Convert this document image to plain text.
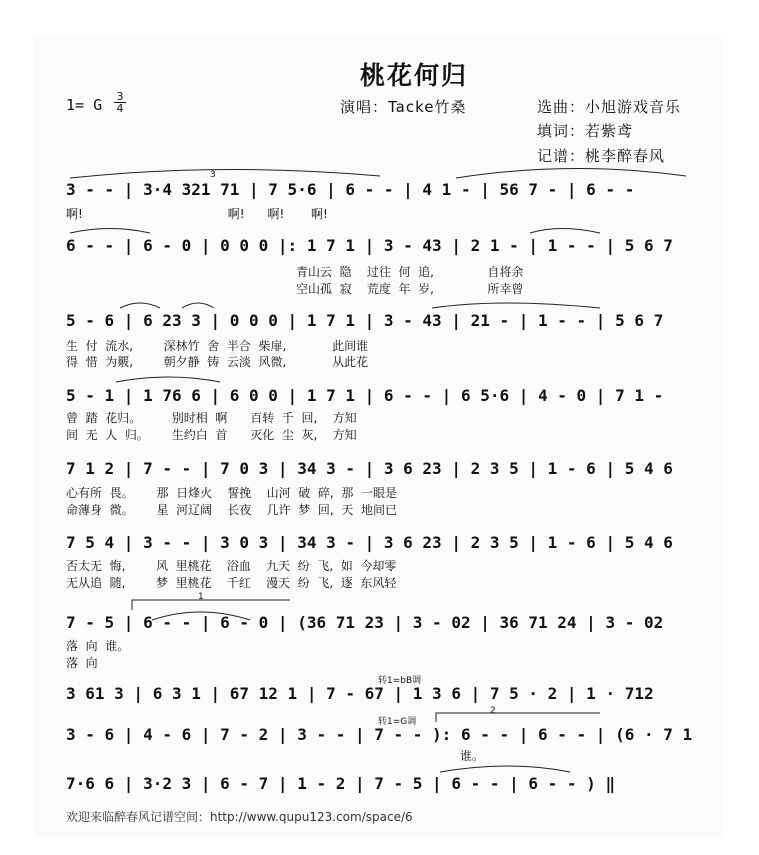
桃花何归
1= G 3
4	演唱：Tacke竹桑	选曲：小旭游戏音乐
填词：若紫鸢
记谱：桃李醉春风
3 - - | 3·4 321 71 | 7 5·6 | 6 - - | 4 1 - | 56 7 - | 6 - -
啊!                                      啊!      啊!       啊!
6 - - | 6 - 0 | 0 0 0 |: 1 7 1 | 3 - 43 | 2 1 - | 1 - - | 5 6 7
青山云  隐    过往  何  追,              自将余
空山孤  寂    荒度  年  岁,              所幸曾
5 - 6 | 6 23 3 | 0 0 0 | 1 7 1 | 3 - 43 | 21 - | 1 - - | 5 6 7
生  付  流水,        深林竹  舍  半合  柴扉,            此间谁
得  惜  为覈,        朝夕静  铸  云淡  风微,            从此花
5 - 1 | 1 76 6 | 6 0 0 | 1 7 1 | 6 - - | 6 5·6 | 4 - 0 | 7 1 -
曾  踏  花归。        别时相  啊      百转  千  回,    方知
间  无  人  归。      生约白  首      灭化  尘  灰,    方知
7 1 2 | 7 - - | 7 0 3 | 34 3 - | 3 6 23 | 2 3 5 | 1 - 6 | 5 4 6
心有所  畏。      那  日烽火    誓挽    山河  破  碎,  那  一眼是
命薄身  微。      星  河辽阔    长夜    几许  梦  回,  天  地间已
7 5 4 | 3 - - | 3 0 3 | 34 3 - | 3 6 23 | 2 3 5 | 1 - 6 | 5 4 6
否太无  悔,        风  里桃花    浴血    九天  纷  飞,  如  今却零
无从追  随,        梦  里桃花    千红    漫天  纷  飞,  逐  东风轻
7 - 5 | 6 - - | 6 - 0 | (36 71 23 | 3 - 02 | 36 71 24 | 3 - 02
落  向  谁。
落  向
3 61 3 | 6 3 1 | 67 12 1 | 7 - 67 | 1 3 6 | 7 5 · 2 | 1 · 712
3 - 6 | 4 - 6 | 7 - 2 | 3 - - | 7 - - ): 6 - - | 6 - - | (6 · 7 1
谁。
7·6 6 | 3·2 3 | 6 - 7 | 1 - 2 | 7 - 5 | 6 - - | 6 - - ) ‖
转1=bB调
转1=G调
1
2
3
欢迎来临醉春风记谱空间：http://www.qupu123.com/space/6
